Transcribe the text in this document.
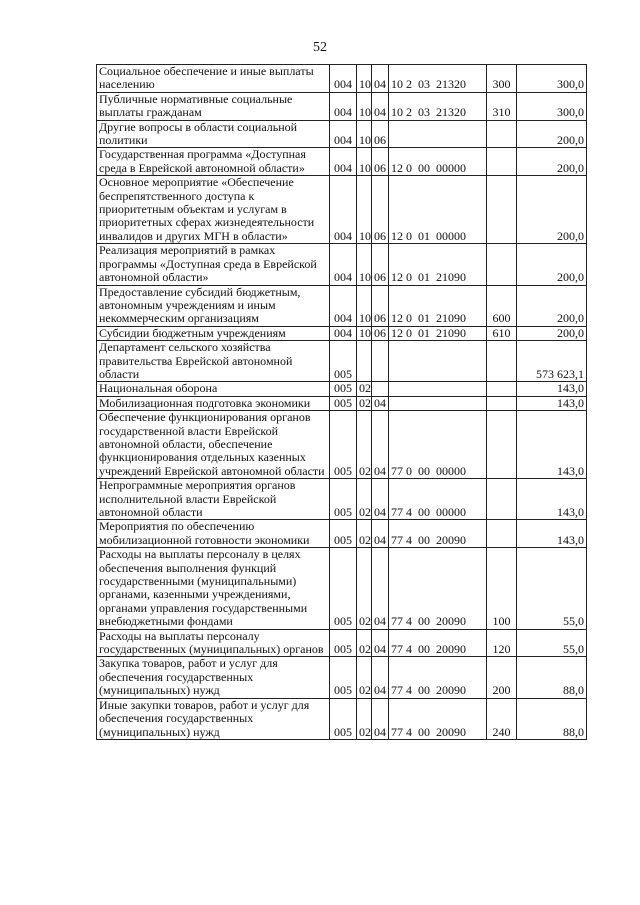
52
Социальное обеспечение и иные выплаты населению	004	10	04	10 2  03  21320	300	300,0
Публичные нормативные социальные выплаты гражданам	004	10	04	10 2  03  21320	310	300,0
Другие вопросы в области социальной политики	004	10	06			200,0
Государственная программа «Доступная среда в Еврейской автономной области»	004	10	06	12 0  00  00000		200,0
Основное мероприятие «Обеспечение беспрепятственного доступа к приоритетным объектам и услугам в приоритетных сферах жизнедеятельности инвалидов и других МГН в области»	004	10	06	12 0  01  00000		200,0
Реализация мероприятий в рамках программы «Доступная среда в Еврейской автономной области»	004	10	06	12 0  01  21090		200,0
Предоставление субсидий бюджетным, автономным учреждениям и иным некоммерческим организациям	004	10	06	12 0  01  21090	600	200,0
Субсидии бюджетным учреждениям	004	10	06	12 0  01  21090	610	200,0
Департамент сельского хозяйства правительства Еврейской автономной области	005					573 623,1
Национальная оборона	005	02				143,0
Мобилизационная подготовка экономики	005	02	04			143,0
Обеспечение функционирования органов государственной власти Еврейской автономной области, обеспечение функционирования отдельных казенных учреждений Еврейской автономной области	005	02	04	77 0  00  00000		143,0
Непрограммные мероприятия органов исполнительной власти Еврейской автономной области	005	02	04	77 4  00  00000		143,0
Мероприятия по обеспечению мобилизационной готовности экономики	005	02	04	77 4  00  20090		143,0
Расходы на выплаты персоналу в целях обеспечения выполнения функций государственными (муниципальными) органами, казенными учреждениями, органами управления государственными внебюджетными фондами	005	02	04	77 4  00  20090	100	55,0
Расходы на выплаты персоналу государственных (муниципальных) органов	005	02	04	77 4  00  20090	120	55,0
Закупка товаров, работ и услуг для обеспечения государственных (муниципальных) нужд	005	02	04	77 4  00  20090	200	88,0
Иные закупки товаров, работ и услуг для обеспечения государственных (муниципальных) нужд	005	02	04	77 4  00  20090	240	88,0
